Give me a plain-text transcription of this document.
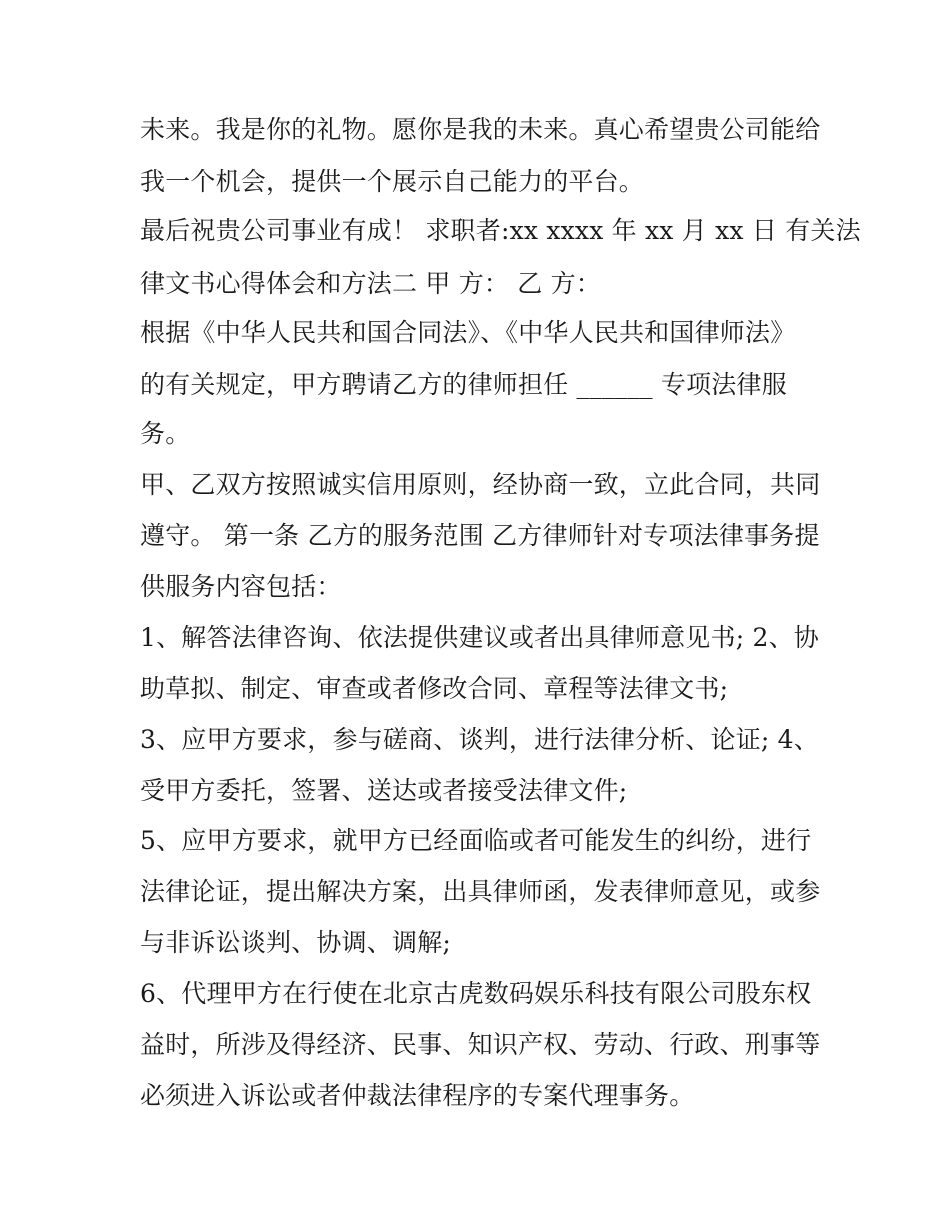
未来。我是你的礼物。愿你是我的未来。真心希望贵公司能给
我一个机会，提供一个展示自己能力的平台。
最后祝贵公司事业有成！ 求职者:xx xxxx 年 xx 月 xx 日 有关法
律文书心得体会和方法二 甲 方： 乙 方：
根据《中华人民共和国合同法》、《中华人民共和国律师法》
的有关规定，甲方聘请乙方的律师担任 ______ 专项法律服
务。
甲、乙双方按照诚实信用原则，经协商一致，立此合同，共同
遵守。 第一条 乙方的服务范围 乙方律师针对专项法律事务提
供服务内容包括：
1、解答法律咨询、依法提供建议或者出具律师意见书; 2、协
助草拟、制定、审查或者修改合同、章程等法律文书;
3、应甲方要求，参与磋商、谈判，进行法律分析、论证; 4、
受甲方委托，签署、送达或者接受法律文件;
5、应甲方要求，就甲方已经面临或者可能发生的纠纷，进行
法律论证，提出解决方案，出具律师函，发表律师意见，或参
与非诉讼谈判、协调、调解;
6、代理甲方在行使在北京古虎数码娱乐科技有限公司股东权
益时，所涉及得经济、民事、知识产权、劳动、行政、刑事等
必须进入诉讼或者仲裁法律程序的专案代理事务。
